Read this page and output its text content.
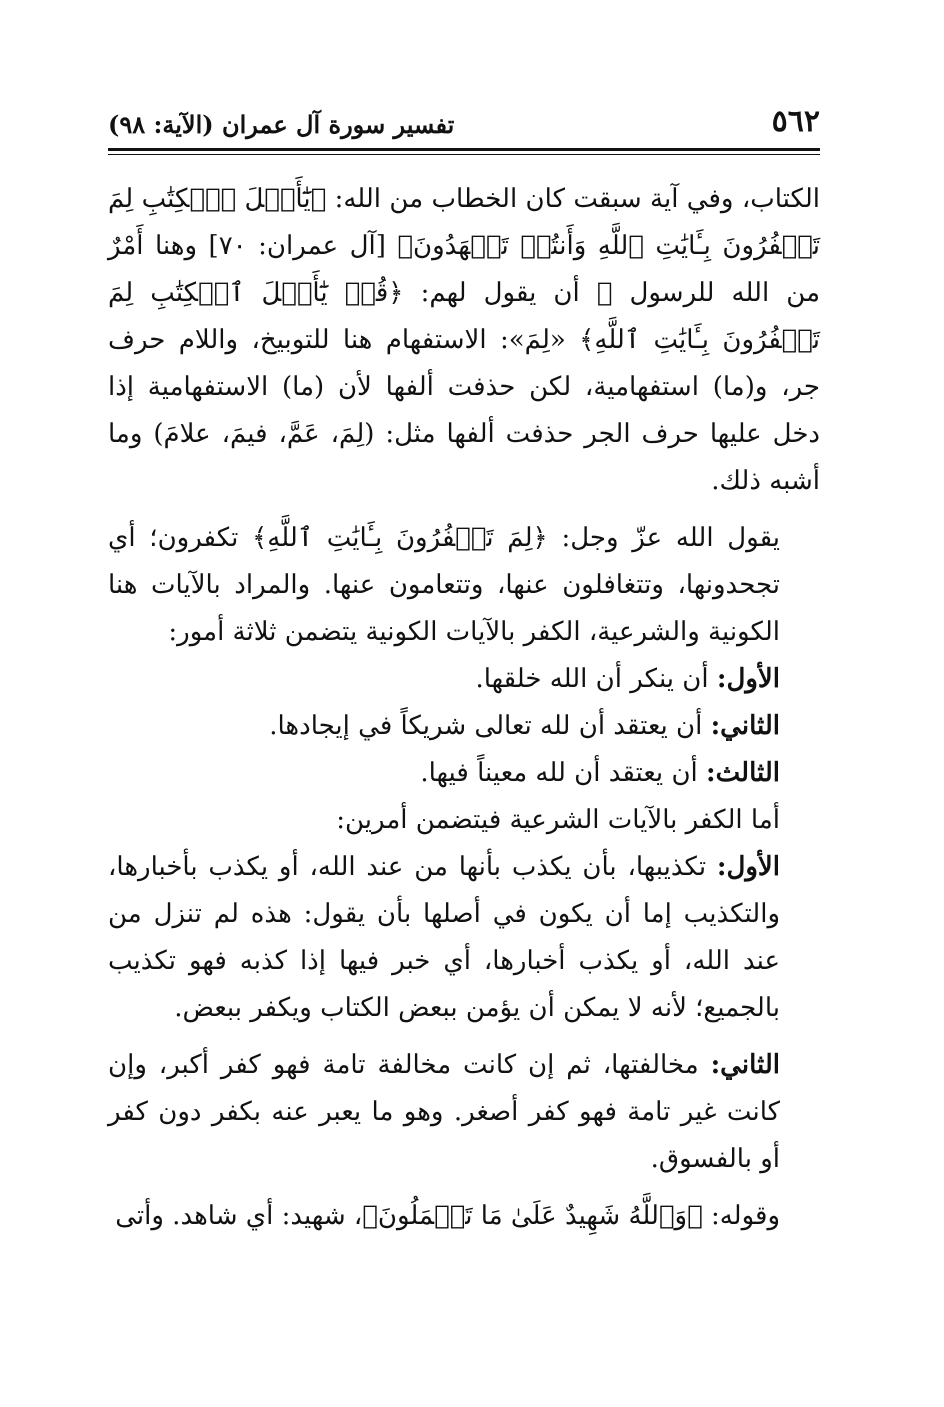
٥٦٢
تفسير سورة آل عمران (الآية: ٩٨)

الكتاب، وفي آية سبقت كان الخطاب من الله: ﴿يَٰٓأَهۡلَ ٱلۡكِتَٰبِ لِمَ تَكۡفُرُونَ بِـَٔايَٰتِ ٱللَّهِ وَأَنتُمۡ تَشۡهَدُونَ﴾ [آل عمران: ٧٠] وهنا أَمْرٌ من الله للرسول ﷺ أن يقول لهم: ﴿قُلۡ يَٰٓأَهۡلَ ٱلۡكِتَٰبِ لِمَ تَكۡفُرُونَ بِـَٔايَٰتِ ٱللَّهِ﴾ «لِمَ»: الاستفهام هنا للتوبيخ، واللام حرف جر، و(ما) استفهامية، لكن حذفت ألفها لأن (ما) الاستفهامية إذا دخل عليها حرف الجر حذفت ألفها مثل: (لِمَ، عَمَّ، فيمَ، علامَ) وما أشبه ذلك.

يقول الله عزّ وجل: ﴿لِمَ تَكۡفُرُونَ بِـَٔايَٰتِ ٱللَّهِ﴾ تكفرون؛ أي تجحدونها، وتتغافلون عنها، وتتعامون عنها. والمراد بالآيات هنا الكونية والشرعية، الكفر بالآيات الكونية يتضمن ثلاثة أمور:

الأول: أن ينكر أن الله خلقها.

الثاني: أن يعتقد أن لله تعالى شريكاً في إيجادها.

الثالث: أن يعتقد أن لله معيناً فيها.

أما الكفر بالآيات الشرعية فيتضمن أمرين:

الأول: تكذيبها، بأن يكذب بأنها من عند الله، أو يكذب بأخبارها، والتكذيب إما أن يكون في أصلها بأن يقول: هذه لم تنزل من عند الله، أو يكذب أخبارها، أي خبر فيها إذا كذبه فهو تكذيب بالجميع؛ لأنه لا يمكن أن يؤمن ببعض الكتاب ويكفر ببعض.

الثاني: مخالفتها، ثم إن كانت مخالفة تامة فهو كفر أكبر، وإن كانت غير تامة فهو كفر أصغر. وهو ما يعبر عنه بكفر دون كفر أو بالفسوق.

وقوله: ﴿وَٱللَّهُ شَهِيدٌ عَلَىٰ مَا تَعۡمَلُونَ﴾، شهيد: أي شاهد. وأتى
